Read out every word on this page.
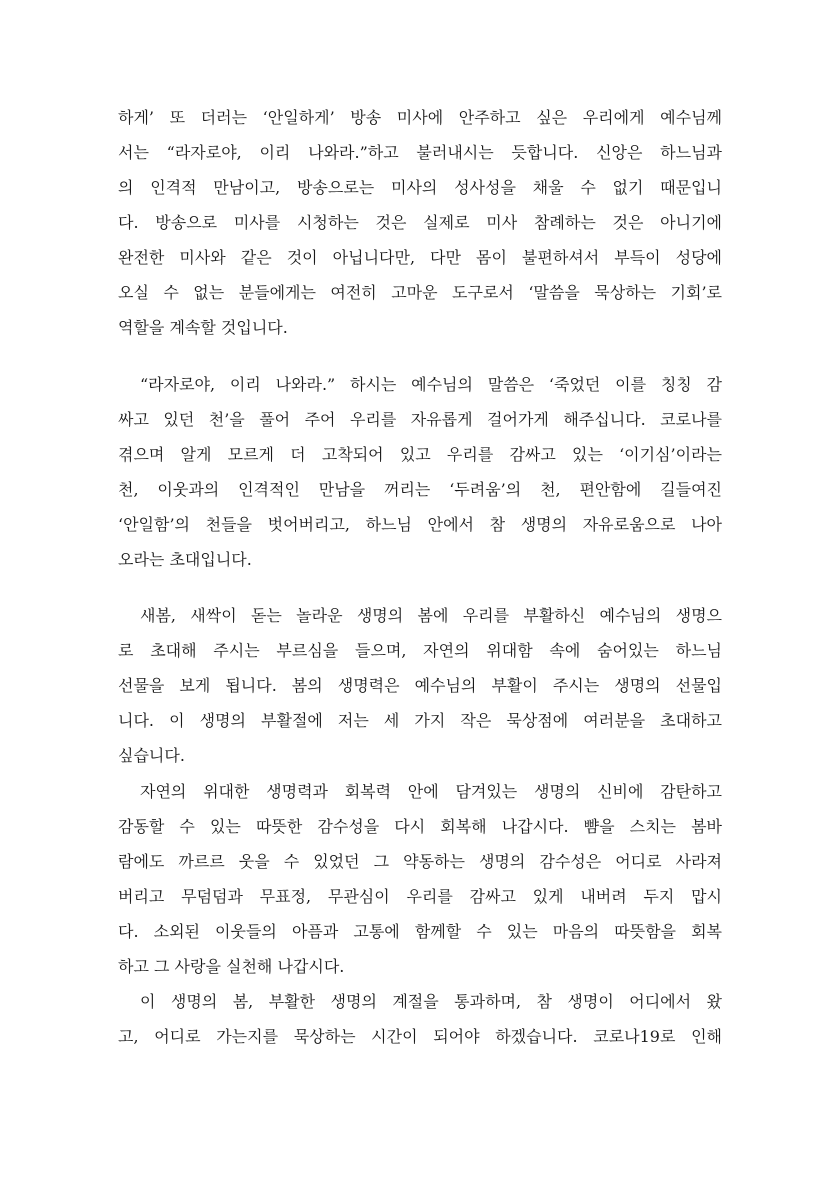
하게’ 또 더러는 ‘안일하게’ 방송 미사에 안주하고 싶은 우리에게 예수님께
서는 “라자로야, 이리 나와라.”하고 불러내시는 듯합니다. 신앙은 하느님과
의 인격적 만남이고, 방송으로는 미사의 성사성을 채울 수 없기 때문입니
다. 방송으로 미사를 시청하는 것은 실제로 미사 참례하는 것은 아니기에
완전한 미사와 같은 것이 아닙니다만, 다만 몸이 불편하셔서 부득이 성당에
오실 수 없는 분들에게는 여전히 고마운 도구로서 ‘말씀을 묵상하는 기회’로
역할을 계속할 것입니다.
“라자로야, 이리 나와라.” 하시는 예수님의 말씀은 ‘죽었던 이를 칭칭 감
싸고 있던 천’을 풀어 주어 우리를 자유롭게 걸어가게 해주십니다. 코로나를
겪으며 알게 모르게 더 고착되어 있고 우리를 감싸고 있는 ‘이기심’이라는
천, 이웃과의 인격적인 만남을 꺼리는 ‘두려움’의 천, 편안함에 길들여진
‘안일함’의 천들을 벗어버리고, 하느님 안에서 참 생명의 자유로움으로 나아
오라는 초대입니다.
새봄, 새싹이 돋는 놀라운 생명의 봄에 우리를 부활하신 예수님의 생명으
로 초대해 주시는 부르심을 들으며, 자연의 위대함 속에 숨어있는 하느님
선물을 보게 됩니다. 봄의 생명력은 예수님의 부활이 주시는 생명의 선물입
니다. 이 생명의 부활절에 저는 세 가지 작은 묵상점에 여러분을 초대하고
싶습니다.
자연의 위대한 생명력과 회복력 안에 담겨있는 생명의 신비에 감탄하고
감동할 수 있는 따뜻한 감수성을 다시 회복해 나갑시다. 뺨을 스치는 봄바
람에도 까르르 웃을 수 있었던 그 약동하는 생명의 감수성은 어디로 사라져
버리고 무덤덤과 무표정, 무관심이 우리를 감싸고 있게 내버려 두지 맙시
다. 소외된 이웃들의 아픔과 고통에 함께할 수 있는 마음의 따뜻함을 회복
하고 그 사랑을 실천해 나갑시다.
이 생명의 봄, 부활한 생명의 계절을 통과하며, 참 생명이 어디에서 왔
고, 어디로 가는지를 묵상하는 시간이 되어야 하겠습니다. 코로나19로 인해
